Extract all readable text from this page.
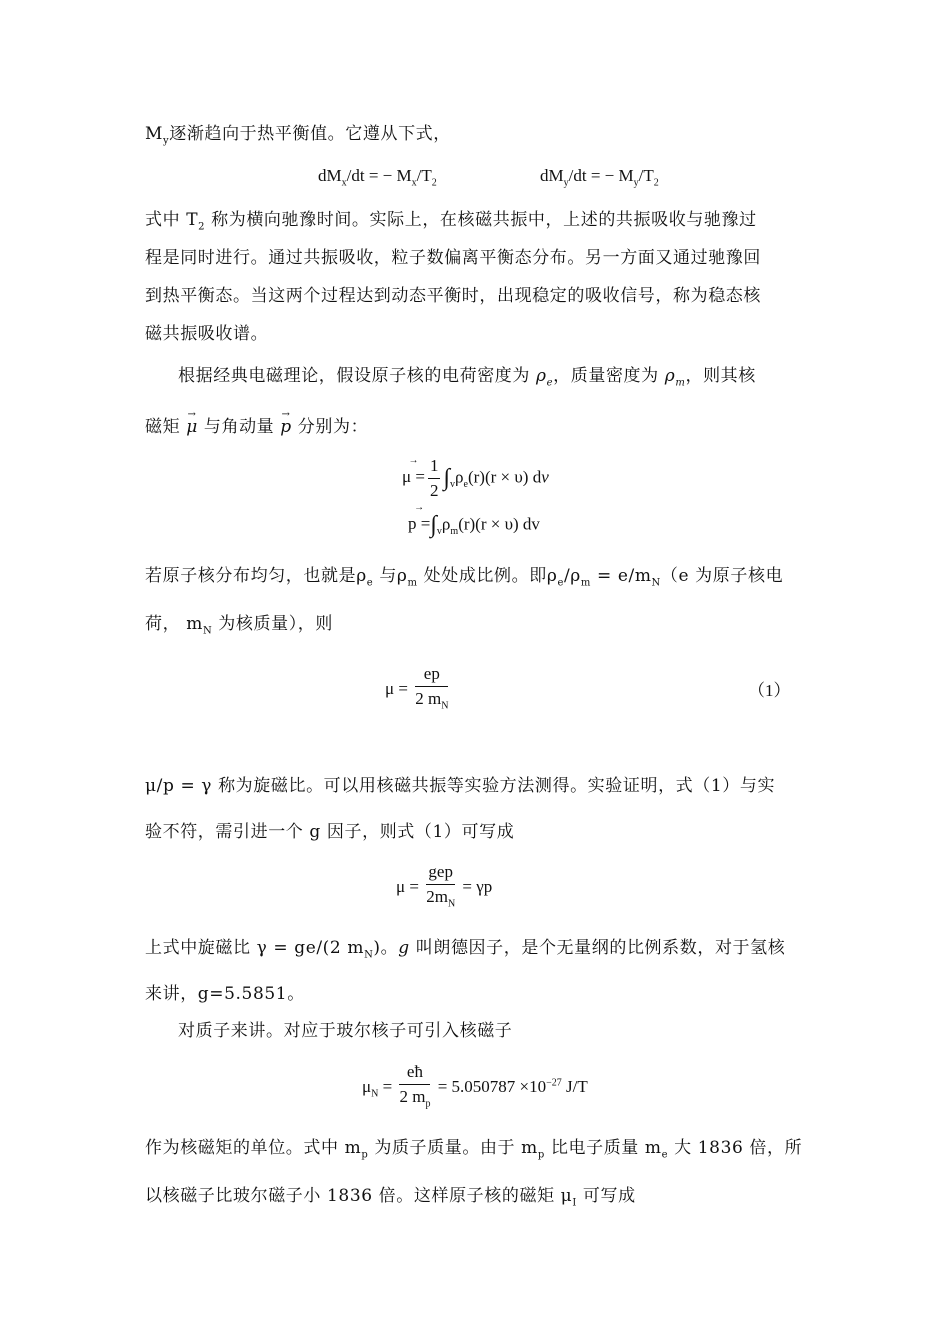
$M_y$逐渐趋向于热平衡值。它遵从下式，
$dM_x/dt$ = − $M_x/T_2$	$dM_y/dt$ = − $M_y/T_2$
式中 $T_2$ 称为横向驰豫时间。实际上，在核磁共振中，上述的共振吸收与驰豫过
程是同时进行。通过共振吸收，粒子数偏离平衡态分布。另一方面又通过驰豫回
到热平衡态。当这两个过程达到动态平衡时，出现稳定的吸收信号，称为稳态核
磁共振吸收谱。
根据经典电磁理论，假设原子核的电荷密度为 $\rho_e$，质量密度为 $\rho_m$，则其核
磁矩 → μ 与角动量 → p 分别为：
→ $\mu = \frac{1}{2} \int_v\rho_e(r)(r \times \upsilon)$ dv
→ $p =\int_v\rho_m(r)(r \times \upsilon)$ dv
若原子核分布均匀，也就是$\rho_e$ 与$\rho_m$ 处处成比例。即$\rho_e/\rho_m = e/m_N(e$ 为原子核电
荷， $m_N$ 为核质量），则
$\mu = \frac{ep}{2 m_N}$	（1）
μ/p = γ 称为旋磁比。可以用核磁共振等实验方法测得。实验证明，式（1）与实
验不符，需引进一个 g 因子，则式（1）可写成
$\mu = \frac{\text{gep}}{2m_N} = \gamma p$
上式中旋磁比 γ = ge/(2 $m_N$)。g 叫朗德因子，是个无量纲的比例系数，对于氢核
来讲，g=5.5851。
对质子来讲。对应于玻尔核子可引入核磁子
$\mu_N = \frac{eħ}{2 m_p} = 5.050787 \times 10^{-27}$ J/T
作为核磁矩的单位。式中 $m_p$ 为质子质量。由于 $m_p$ 比电子质量 $m_e$ 大 1836 倍，所
以核磁子比玻尔磁子小 1836 倍。这样原子核的磁矩 $\mu_I$ 可写成
